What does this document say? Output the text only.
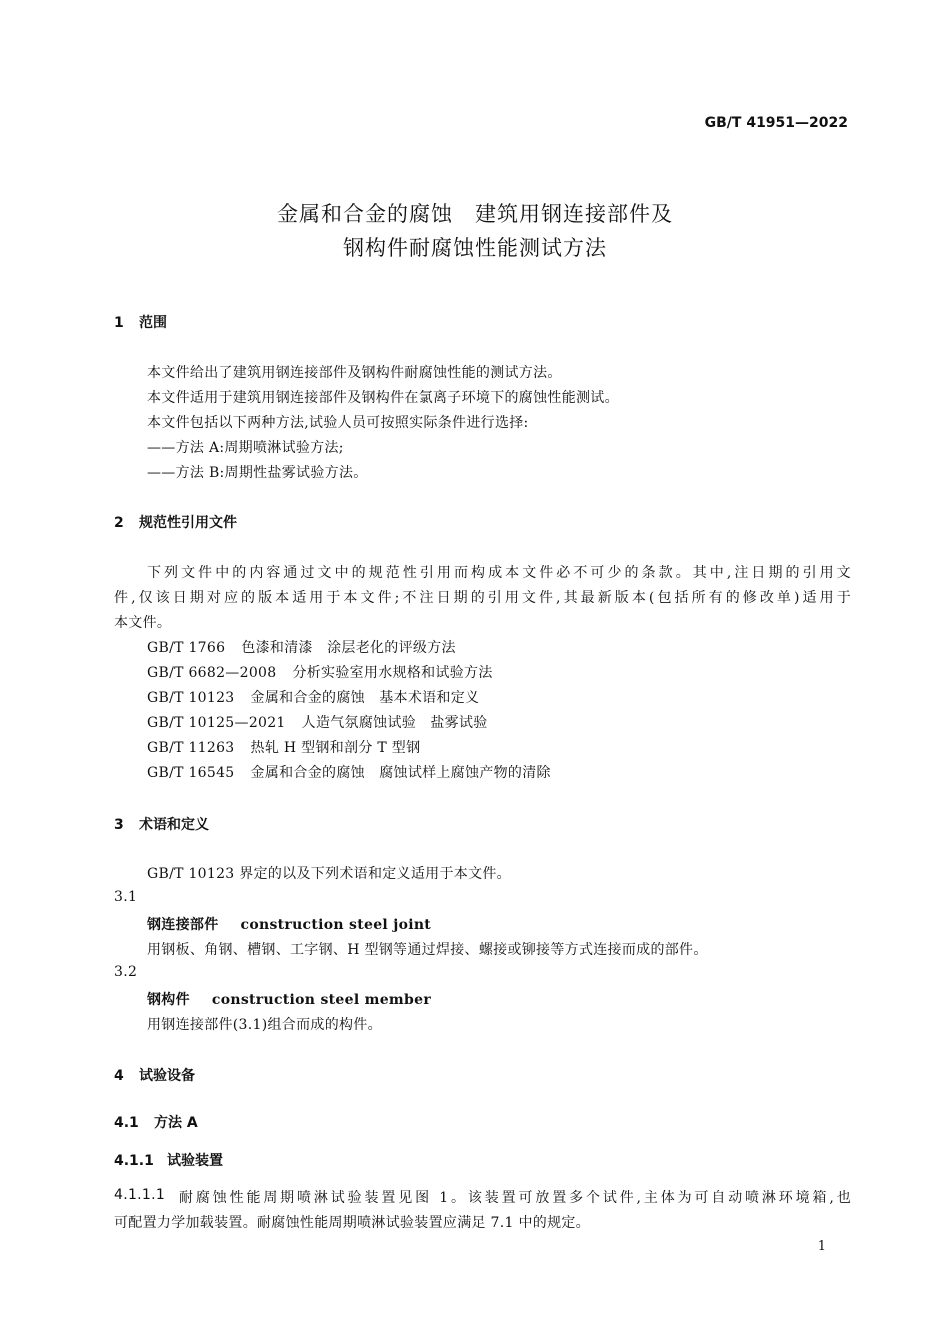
GB/T 41951—2022
金属和合金的腐蚀　建筑用钢连接部件及
钢构件耐腐蚀性能测试方法
1 范围
本文件给出了建筑用钢连接部件及钢构件耐腐蚀性能的测试方法。
本文件适用于建筑用钢连接部件及钢构件在氯离子环境下的腐蚀性能测试。
本文件包括以下两种方法,试验人员可按照实际条件进行选择:
——方法 A:周期喷淋试验方法;
——方法 B:周期性盐雾试验方法。
2 规范性引用文件
下列文件中的内容通过文中的规范性引用而构成本文件必不可少的条款。其中,注日期的引用文
件,仅该日期对应的版本适用于本文件;不注日期的引用文件,其最新版本(包括所有的修改单)适用于
本文件。
GB/T 1766 色漆和清漆　涂层老化的评级方法
GB/T 6682—2008 分析实验室用水规格和试验方法
GB/T 10123 金属和合金的腐蚀　基本术语和定义
GB/T 10125—2021 人造气氛腐蚀试验　盐雾试验
GB/T 11263 热轧 H 型钢和剖分 T 型钢
GB/T 16545 金属和合金的腐蚀　腐蚀试样上腐蚀产物的清除
3 术语和定义
GB/T 10123 界定的以及下列术语和定义适用于本文件。
3.1
钢连接部件 construction steel joint
用钢板、角钢、槽钢、工字钢、H 型钢等通过焊接、螺接或铆接等方式连接而成的部件。
3.2
钢构件 construction steel member
用钢连接部件(3.1)组合而成的构件。
4 试验设备
4.1 方法 A
4.1.1 试验装置
4.1.1.1 耐腐蚀性能周期喷淋试验装置见图 1。该装置可放置多个试件,主体为可自动喷淋环境箱,也
可配置力学加载装置。耐腐蚀性能周期喷淋试验装置应满足 7.1 中的规定。
1
